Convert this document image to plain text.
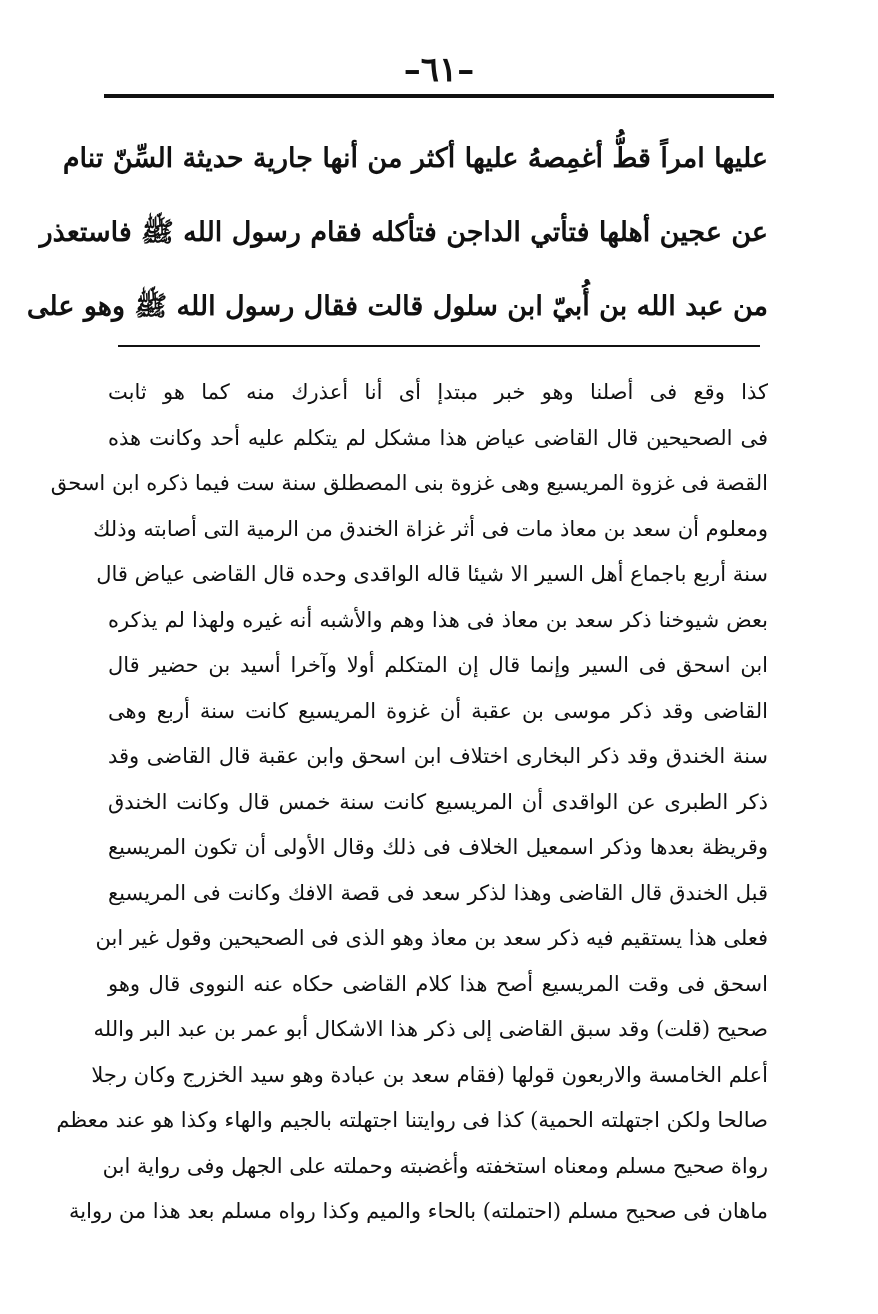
–٦١–
عليها امراً قطُّ أغمِصهُ عليها أكثر من أنها جارية حديثة السِّنّ تنام
عن عجين أهلها فتأتي الداجن فتأكله فقام رسول الله ﷺ فاستعذر
من عبد الله بن أُبيّ ابن سلول قالت فقال رسول الله ﷺ وهو على
كذا وقع فى أصلنا وهو خبر مبتدإ أى أنا أعذرك منه كما هو ثابت
فى الصحيحين قال القاضى عياض هذا مشكل لم يتكلم عليه أحد وكانت هذه
القصة فى غزوة المريسيع وهى غزوة بنى المصطلق سنة ست فيما ذكره ابن اسحق
ومعلوم أن سعد بن معاذ مات فى أثر غزاة الخندق من الرمية التى أصابته وذلك
سنة أربع باجماع أهل السير الا شيئا قاله الواقدى وحده قال القاضى عياض قال
بعض شيوخنا ذكر سعد بن معاذ فى هذا وهم والأشبه أنه غيره ولهذا لم يذكره
ابن اسحق فى السير وإنما قال إن المتكلم أولا وآخرا أسيد بن حضير قال
القاضى وقد ذكر موسى بن عقبة أن غزوة المريسيع كانت سنة أربع وهى
سنة الخندق وقد ذكر البخارى اختلاف ابن اسحق وابن عقبة قال القاضى وقد
ذكر الطبرى عن الواقدى أن المريسيع كانت سنة خمس قال وكانت الخندق
وقريظة بعدها وذكر اسمعيل الخلاف فى ذلك وقال الأولى أن تكون المريسيع
قبل الخندق قال القاضى وهذا لذكر سعد فى قصة الافك وكانت فى المريسيع
فعلى هذا يستقيم فيه ذكر سعد بن معاذ وهو الذى فى الصحيحين وقول غير ابن
اسحق فى وقت المريسيع أصح هذا كلام القاضى حكاه عنه النووى قال وهو
صحيح (قلت) وقد سبق القاضى إلى ذكر هذا الاشكال أبو عمر بن عبد البر والله
أعلم الخامسة والاربعون قولها (فقام سعد بن عبادة وهو سيد الخزرج وكان رجلا
صالحا ولكن اجتهلته الحمية) كذا فى روايتنا اجتهلته بالجيم والهاء وكذا هو عند معظم
رواة صحيح مسلم ومعناه استخفته وأغضبته وحملته على الجهل وفى رواية ابن
ماهان فى صحيح مسلم (احتملته) بالحاء والميم وكذا رواه مسلم بعد هذا من رواية
